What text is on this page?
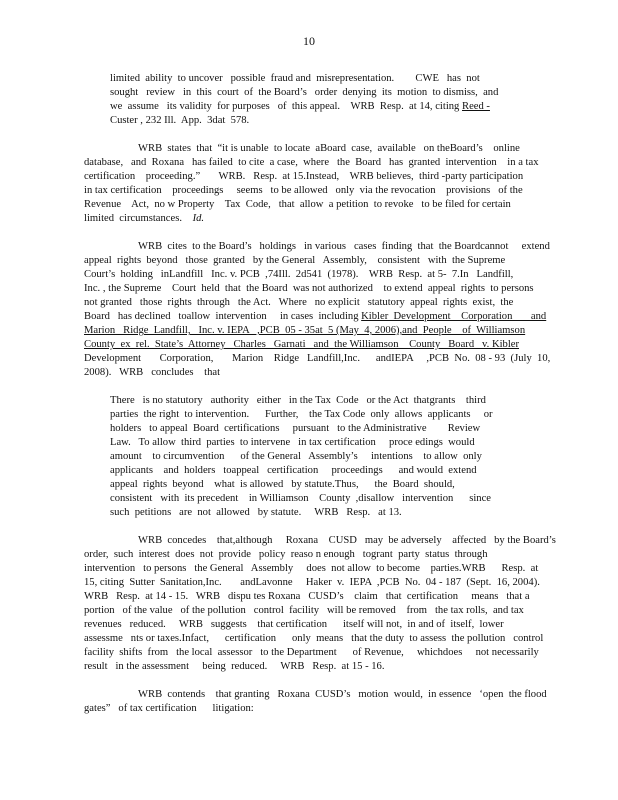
10
limited  ability  to uncover   possible  fraud and  misrepresentation.        CWE   has  not
sought   review   in  this  court  of  the Board’s   order  denying  its  motion  to dismiss,  and
we  assume   its validity  for purposes   of  this appeal.    WRB  Resp.  at 14, citing Reed -
Custer , 232 Ill.  App.  3dat  578.
WRB  states  that  “it is unable  to locate  aBoard  case,  available   on theBoard’s    online
database,   and  Roxana   has failed  to cite  a case,  where   the  Board   has  granted  intervention    in a tax
certification    proceeding.”       WRB.   Resp.  at 15.Instead,    WRB believes,  third -party participation
in tax certification    proceedings     seems   to be allowed   only  via the revocation    provisions   of the
Revenue    Act,  no w Property    Tax  Code,   that  allow  a petition  to revoke   to be filed for certain
limited  circumstances. Id.
WRB  cites  to the Board’s   holdings   in various   cases  finding  that  the Boardcannot     extend
appeal  rights  beyond   those  granted   by the General   Assembly,    consistent   with  the Supreme
Court’s  holding   inLandfill   Inc. v. PCB  ,74Ill.  2d541  (1978).    WRB  Resp.  at 5-  7.In   Landfill,
Inc. , the Supreme    Court  held  that  the Board  was not authorized    to extend  appeal  rights  to persons
not granted   those  rights  through   the Act.   Where   no explicit   statutory  appeal  rights  exist,  the
Board   has declined   toallow  intervention     in cases  including Kibler  Development    Corporation       and
Marion   Ridge  Landfill,   Inc. v. IEPA   ,PCB  05 - 35at  5 (May  4, 2006),and People    of  Williamson
County  ex  rel.  State’s  Attorney   Charles   Garnati   and  the Williamson    County   Board   v. Kibler
Development       Corporation,       Marion    Ridge   Landfill,Inc.      andIEPA     ,PCB  No.  08 - 93  (July  10,
2008).   WRB   concludes    that
There   is no statutory   authority   either   in the Tax  Code   or the Act  thatgrants    third
parties  the right  to intervention.      Further,    the Tax Code  only  allows  applicants     or
holders   to appeal  Board  certifications     pursuant   to the Administrative        Review
Law.   To allow  third  parties  to intervene   in tax certification     proce edings  would
amount    to circumvention      of the General   Assembly’s     intentions    to allow  only
applicants    and  holders   toappeal   certification     proceedings      and would  extend
appeal  rights  beyond    what  is allowed   by statute.Thus,      the  Board  should,
consistent   with  its precedent    in Williamson    County  ,disallow   intervention      since
such  petitions   are  not  allowed   by statute.     WRB   Resp.   at 13.
WRB  concedes    that,although     Roxana    CUSD   may  be adversely    affected   by the Board’s
order,  such  interest  does  not  provide   policy  reaso n enough   togrant  party  status  through
intervention   to persons   the General   Assembly     does  not allow  to become    parties.WRB      Resp.  at
15, citing  Sutter  Sanitation,Inc.       andLavonne     Haker  v.  IEPA  ,PCB  No.  04 - 187  (Sept.  16, 2004).
WRB   Resp.  at 14 - 15.   WRB   dispu tes Roxana   CUSD’s    claim   that  certification     means   that a
portion   of the value   of the pollution   control  facility   will be removed    from   the tax rolls,  and tax
revenues   reduced.     WRB   suggests    that certification      itself will not,  in and of  itself,  lower
assessme   nts or taxes.Infact,      certification      only  means   that the duty  to assess  the pollution   control
facility  shifts  from   the local  assessor   to the Department      of Revenue,     whichdoes     not necessarily
result   in the assessment     being  reduced.     WRB   Resp.  at 15 - 16.
WRB  contends    that granting   Roxana  CUSD’s   motion  would,  in essence   ‘open  the flood
gates”   of tax certification      litigation:
